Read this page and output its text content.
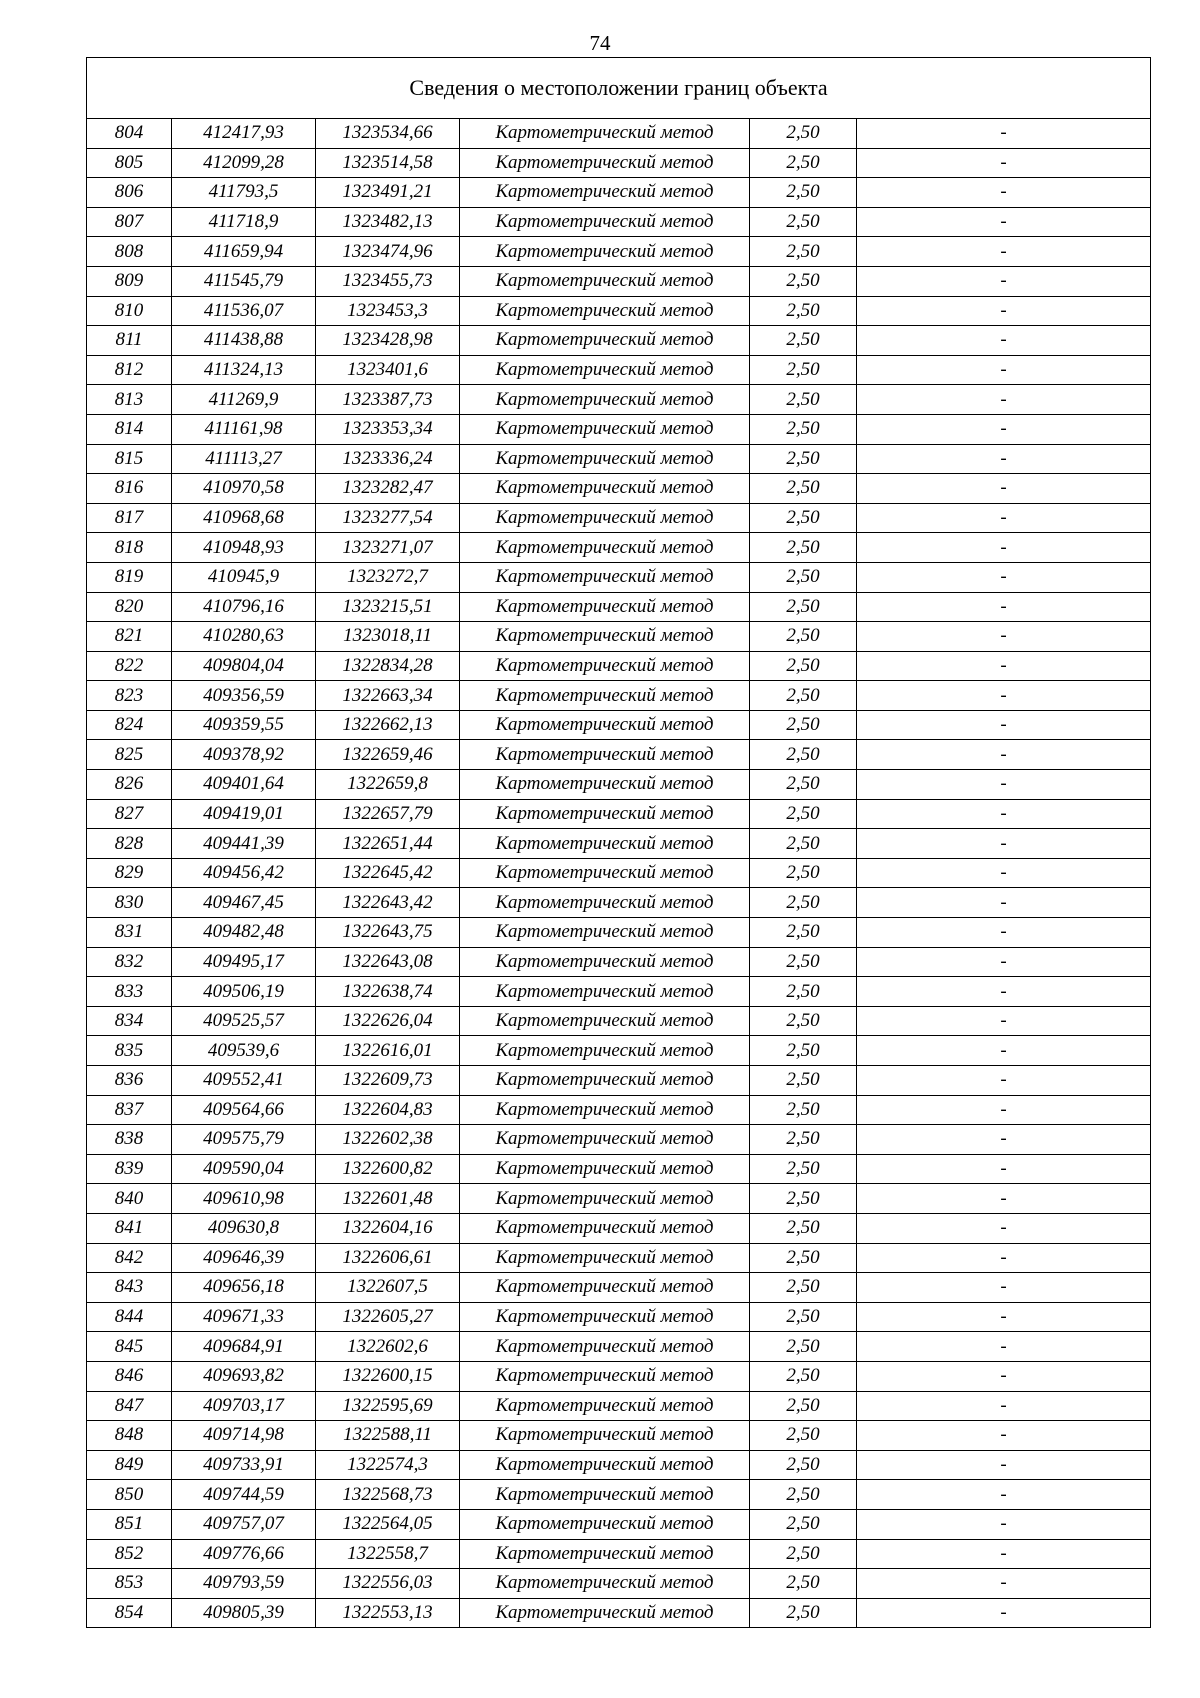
74
Сведения о местоположении границ объекта					
804	412417,93	1323534,66	Картометрический метод	2,50	-
805	412099,28	1323514,58	Картометрический метод	2,50	-
806	411793,5	1323491,21	Картометрический метод	2,50	-
807	411718,9	1323482,13	Картометрический метод	2,50	-
808	411659,94	1323474,96	Картометрический метод	2,50	-
809	411545,79	1323455,73	Картометрический метод	2,50	-
810	411536,07	1323453,3	Картометрический метод	2,50	-
811	411438,88	1323428,98	Картометрический метод	2,50	-
812	411324,13	1323401,6	Картометрический метод	2,50	-
813	411269,9	1323387,73	Картометрический метод	2,50	-
814	411161,98	1323353,34	Картометрический метод	2,50	-
815	411113,27	1323336,24	Картометрический метод	2,50	-
816	410970,58	1323282,47	Картометрический метод	2,50	-
817	410968,68	1323277,54	Картометрический метод	2,50	-
818	410948,93	1323271,07	Картометрический метод	2,50	-
819	410945,9	1323272,7	Картометрический метод	2,50	-
820	410796,16	1323215,51	Картометрический метод	2,50	-
821	410280,63	1323018,11	Картометрический метод	2,50	-
822	409804,04	1322834,28	Картометрический метод	2,50	-
823	409356,59	1322663,34	Картометрический метод	2,50	-
824	409359,55	1322662,13	Картометрический метод	2,50	-
825	409378,92	1322659,46	Картометрический метод	2,50	-
826	409401,64	1322659,8	Картометрический метод	2,50	-
827	409419,01	1322657,79	Картометрический метод	2,50	-
828	409441,39	1322651,44	Картометрический метод	2,50	-
829	409456,42	1322645,42	Картометрический метод	2,50	-
830	409467,45	1322643,42	Картометрический метод	2,50	-
831	409482,48	1322643,75	Картометрический метод	2,50	-
832	409495,17	1322643,08	Картометрический метод	2,50	-
833	409506,19	1322638,74	Картометрический метод	2,50	-
834	409525,57	1322626,04	Картометрический метод	2,50	-
835	409539,6	1322616,01	Картометрический метод	2,50	-
836	409552,41	1322609,73	Картометрический метод	2,50	-
837	409564,66	1322604,83	Картометрический метод	2,50	-
838	409575,79	1322602,38	Картометрический метод	2,50	-
839	409590,04	1322600,82	Картометрический метод	2,50	-
840	409610,98	1322601,48	Картометрический метод	2,50	-
841	409630,8	1322604,16	Картометрический метод	2,50	-
842	409646,39	1322606,61	Картометрический метод	2,50	-
843	409656,18	1322607,5	Картометрический метод	2,50	-
844	409671,33	1322605,27	Картометрический метод	2,50	-
845	409684,91	1322602,6	Картометрический метод	2,50	-
846	409693,82	1322600,15	Картометрический метод	2,50	-
847	409703,17	1322595,69	Картометрический метод	2,50	-
848	409714,98	1322588,11	Картометрический метод	2,50	-
849	409733,91	1322574,3	Картометрический метод	2,50	-
850	409744,59	1322568,73	Картометрический метод	2,50	-
851	409757,07	1322564,05	Картометрический метод	2,50	-
852	409776,66	1322558,7	Картометрический метод	2,50	-
853	409793,59	1322556,03	Картометрический метод	2,50	-
854	409805,39	1322553,13	Картометрический метод	2,50	-
